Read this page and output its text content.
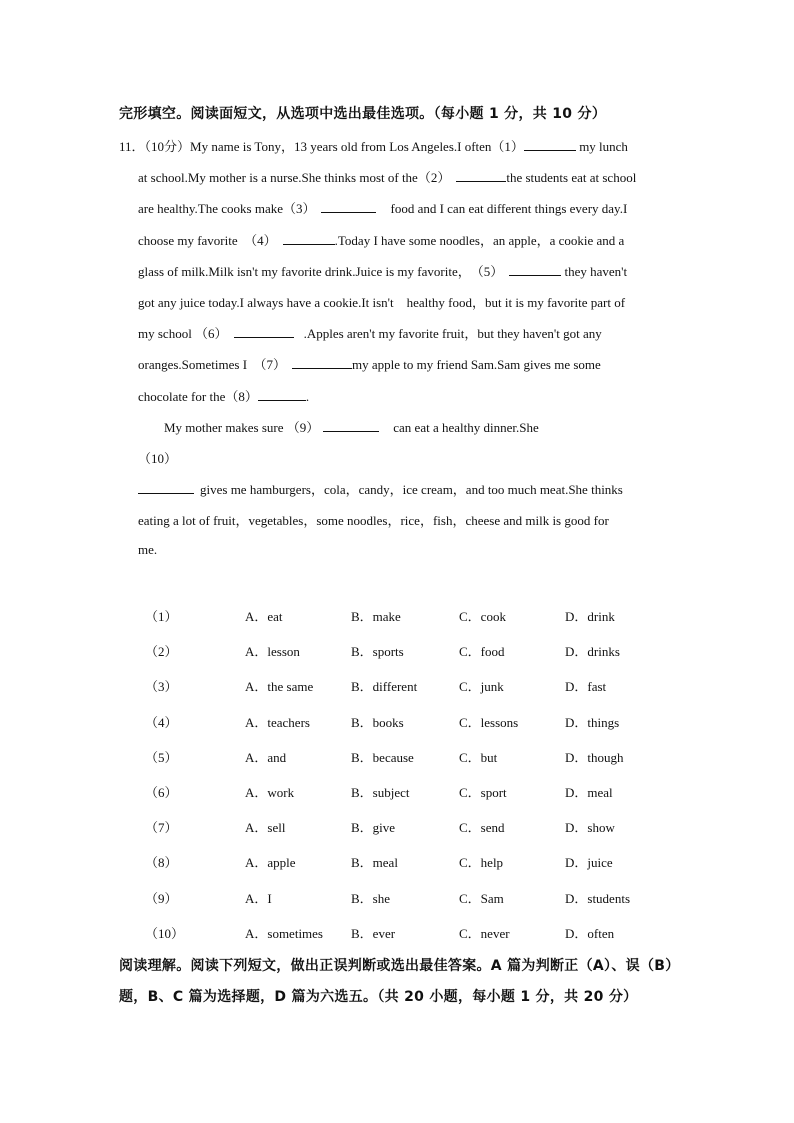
完形填空。阅读面短文，从选项中选出最佳选项。（每小题 1 分，共 10 分）
11．（10分）My name is Tony，13 years old from Los Angeles.I often（1）	my lunch
at school.My mother is a nurse.She thinks most of the（2）	the students eat at school
are healthy.The cooks make（3）	food and I can eat different things every day.I
choose my favorite　（4）	.Today I have some noodles，an apple，a cookie and a
glass of milk.Milk isn't my favorite drink.Juice is my favorite，　（5）	they haven't
got any juice today.I always have a cookie.It isn't　healthy food，but it is my favorite part of
my school （6）	.Apples aren't my favorite fruit，but they haven't got any
oranges.Sometimes I　（7）	my apple to my friend Sam.Sam gives me some
chocolate for the（8）	.
My mother makes sure （9）	can eat a healthy dinner.She
（10）
gives me hamburgers，cola，candy，ice cream，and too much meat.She thinks
eating a lot of fruit，vegetables，some noodles，rice，fish，cheese and milk is good for
me.
（1）	A．eat	B．make	C．cook	D．drink
（2）	A．lesson	B．sports	C．food	D．drinks
（3）	A．the same	B．different	C．junk	D．fast
（4）	A．teachers	B．books	C．lessons	D．things
（5）	A．and	B．because	C．but	D．though
（6）	A．work	B．subject	C．sport	D．meal
（7）	A．sell	B．give	C．send	D．show
（8）	A．apple	B．meal	C．help	D．juice
（9）	A．I	B．she	C．Sam	D．students
（10）	A．sometimes B．ever	C．never	D．often
阅读理解。阅读下列短文，做出正误判断或选出最佳答案。A 篇为判断正（A）、误（B）
题，B、C 篇为选择题，D 篇为六选五。（共 20 小题，每小题 1 分，共 20 分）
